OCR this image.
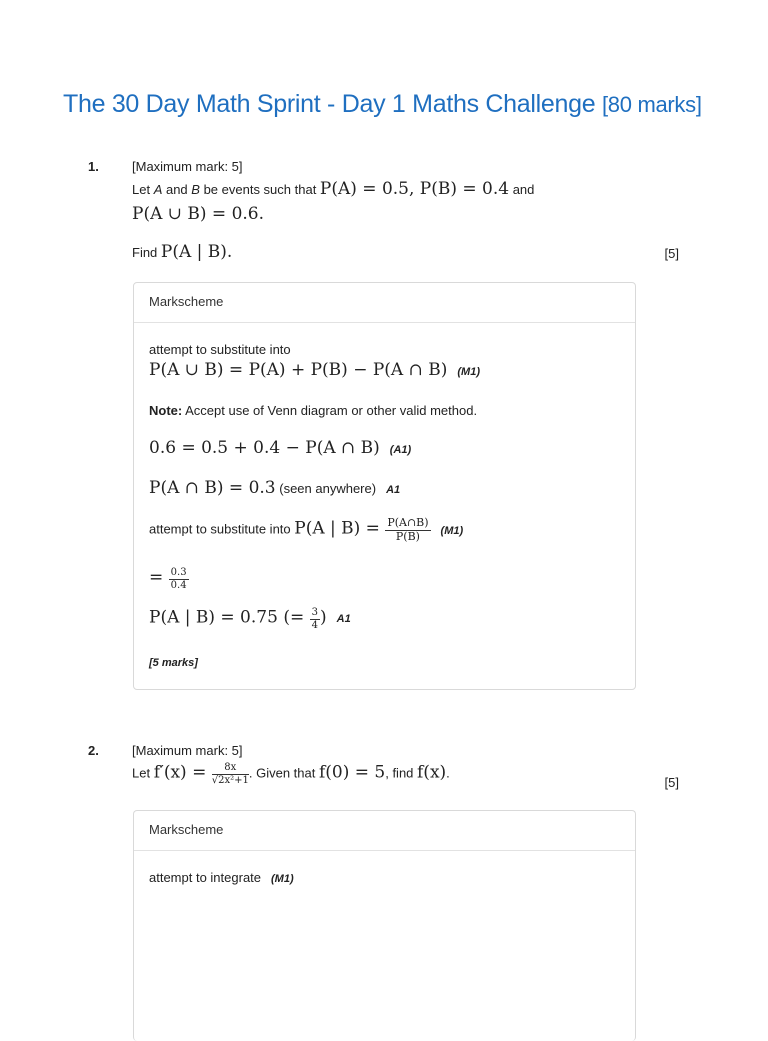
The 30 Day Math Sprint - Day 1 Maths Challenge [80 marks]
1.	[Maximum mark: 5]
Let A and B be events such that P(A) = 0.5, P(B) = 0.4 and
P(A ∪ B) = 0.6.
Find P(A | B).	[5]
Markscheme
attempt to substitute into
P(A ∪ B) = P(A) + P(B) − P(A ∩ B) (M1)
Note: Accept use of Venn diagram or other valid method.
0.6 = 0.5 + 0.4 − P(A ∩ B) (A1)
P(A ∩ B) = 0.3 (seen anywhere) A1
attempt to substitute into P(A | $B) = \frac{P(A\cap B)}{P(B)} (M1)$
= $\frac{0.3}{0.4}$
P(A | B) = 0.75 (= $\frac{3}{4}$ ) A1
[5 marks]
2.	[Maximum mark: 5]
Let $f'(x) = \frac{8x}{\text{√2x²+1}}$ . Given that f(0) = 5, find f(x).
[5]
Markscheme
attempt to integrate (M1)
